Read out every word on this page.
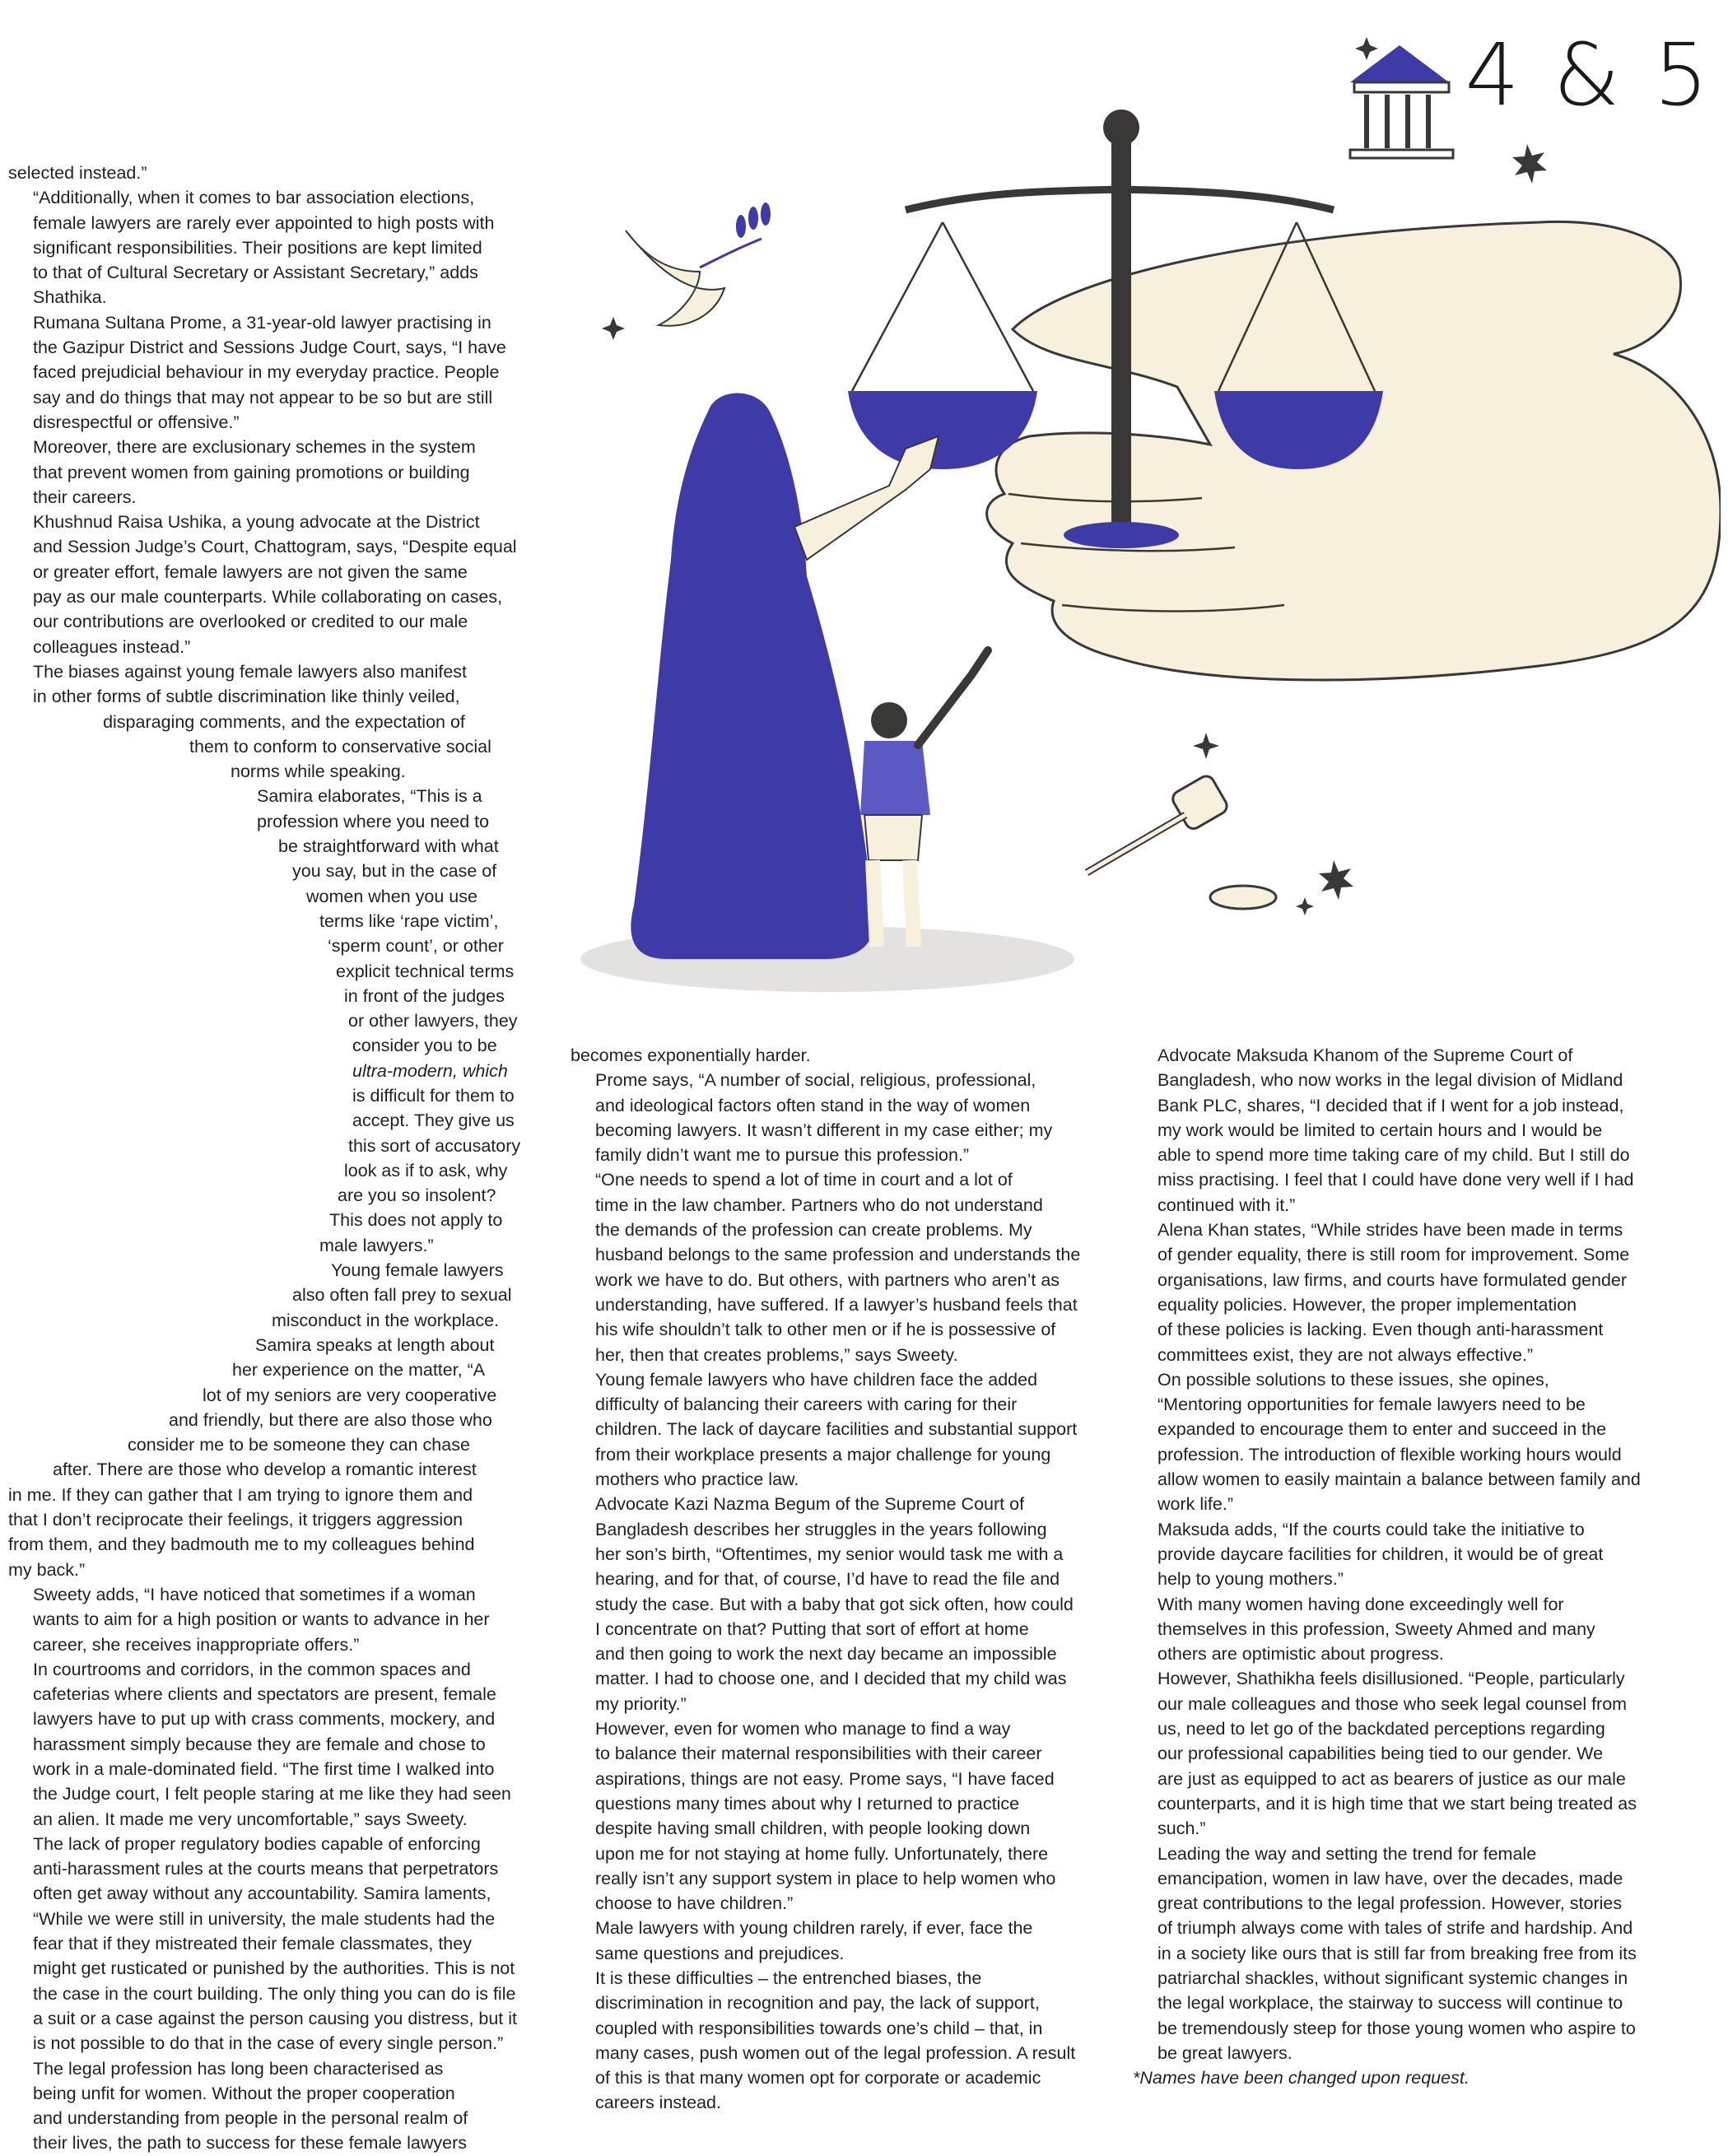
4 & 5

selected instead.”

“Additionally, when it comes to bar association elections,
female lawyers are rarely ever appointed to high posts with
significant responsibilities. Their positions are kept limited
to that of Cultural Secretary or Assistant Secretary,” adds
Shathika.

Rumana Sultana Prome, a 31-year-old lawyer practising in
the Gazipur District and Sessions Judge Court, says, “I have
faced prejudicial behaviour in my everyday practice. People
say and do things that may not appear to be so but are still
disrespectful or offensive.”

Moreover, there are exclusionary schemes in the system
that prevent women from gaining promotions or building
their careers.

Khushnud Raisa Ushika, a young advocate at the District
and Session Judge’s Court, Chattogram, says, “Despite equal
or greater effort, female lawyers are not given the same
pay as our male counterparts. While collaborating on cases,
our contributions are overlooked or credited to our male
colleagues instead.”

The biases against young female lawyers also manifest
in other forms of subtle discrimination like thinly veiled,
disparaging comments, and the expectation of
them to conform to conservative social
norms while speaking.

Samira elaborates, “This is a
profession where you need to
be straightforward with what
you say, but in the case of
women when you use
terms like ‘rape victim’,
‘sperm count’, or other
explicit technical terms
in front of the judges
or other lawyers, they
consider you to be
ultra-modern, which
is difficult for them to
accept. They give us
this sort of accusatory
look as if to ask, why
are you so insolent?
This does not apply to
male lawyers.”

Young female lawyers
also often fall prey to sexual
misconduct in the workplace.
Samira speaks at length about
her experience on the matter, “A
lot of my seniors are very cooperative
and friendly, but there are also those who
consider me to be someone they can chase
after. There are those who develop a romantic interest
in me. If they can gather that I am trying to ignore them and
that I don’t reciprocate their feelings, it triggers aggression
from them, and they badmouth me to my colleagues behind
my back.”

Sweety adds, “I have noticed that sometimes if a woman
wants to aim for a high position or wants to advance in her
career, she receives inappropriate offers.”

In courtrooms and corridors, in the common spaces and
cafeterias where clients and spectators are present, female
lawyers have to put up with crass comments, mockery, and
harassment simply because they are female and chose to
work in a male-dominated field. “The first time I walked into
the Judge court, I felt people staring at me like they had seen
an alien. It made me very uncomfortable,” says Sweety.

The lack of proper regulatory bodies capable of enforcing
anti-harassment rules at the courts means that perpetrators
often get away without any accountability. Samira laments,
“While we were still in university, the male students had the
fear that if they mistreated their female classmates, they
might get rusticated or punished by the authorities. This is not
the case in the court building. The only thing you can do is file
a suit or a case against the person causing you distress, but it
is not possible to do that in the case of every single person.”

The legal profession has long been characterised as
being unfit for women. Without the proper cooperation
and understanding from people in the personal realm of
their lives, the path to success for these female lawyers

becomes exponentially harder.

Prome says, “A number of social, religious, professional,
and ideological factors often stand in the way of women
becoming lawyers. It wasn’t different in my case either; my
family didn’t want me to pursue this profession.”

“One needs to spend a lot of time in court and a lot of
time in the law chamber. Partners who do not understand
the demands of the profession can create problems. My
husband belongs to the same profession and understands the
work we have to do. But others, with partners who aren’t as
understanding, have suffered. If a lawyer’s husband feels that
his wife shouldn’t talk to other men or if he is possessive of
her, then that creates problems,” says Sweety.

Young female lawyers who have children face the added
difficulty of balancing their careers with caring for their
children. The lack of daycare facilities and substantial support
from their workplace presents a major challenge for young
mothers who practice law.

Advocate Kazi Nazma Begum of the Supreme Court of
Bangladesh describes her struggles in the years following
her son’s birth, “Oftentimes, my senior would task me with a
hearing, and for that, of course, I’d have to read the file and
study the case. But with a baby that got sick often, how could
I concentrate on that? Putting that sort of effort at home
and then going to work the next day became an impossible
matter. I had to choose one, and I decided that my child was
my priority.”

However, even for women who manage to find a way
to balance their maternal responsibilities with their career
aspirations, things are not easy. Prome says, “I have faced
questions many times about why I returned to practice
despite having small children, with people looking down
upon me for not staying at home fully. Unfortunately, there
really isn’t any support system in place to help women who
choose to have children.”

Male lawyers with young children rarely, if ever, face the
same questions and prejudices.

It is these difficulties – the entrenched biases, the
discrimination in recognition and pay, the lack of support,
coupled with responsibilities towards one’s child – that, in
many cases, push women out of the legal profession. A result
of this is that many women opt for corporate or academic
careers instead.

Advocate Maksuda Khanom of the Supreme Court of
Bangladesh, who now works in the legal division of Midland
Bank PLC, shares, “I decided that if I went for a job instead,
my work would be limited to certain hours and I would be
able to spend more time taking care of my child. But I still do
miss practising. I feel that I could have done very well if I had
continued with it.”

Alena Khan states, “While strides have been made in terms
of gender equality, there is still room for improvement. Some
organisations, law firms, and courts have formulated gender
equality policies. However, the proper implementation
of these policies is lacking. Even though anti-harassment
committees exist, they are not always effective.”

On possible solutions to these issues, she opines,
“Mentoring opportunities for female lawyers need to be
expanded to encourage them to enter and succeed in the
profession. The introduction of flexible working hours would
allow women to easily maintain a balance between family and
work life.”

Maksuda adds, “If the courts could take the initiative to
provide daycare facilities for children, it would be of great
help to young mothers.”

With many women having done exceedingly well for
themselves in this profession, Sweety Ahmed and many
others are optimistic about progress.

However, Shathikha feels disillusioned. “People, particularly
our male colleagues and those who seek legal counsel from
us, need to let go of the backdated perceptions regarding
our professional capabilities being tied to our gender. We
are just as equipped to act as bearers of justice as our male
counterparts, and it is high time that we start being treated as
such.”

Leading the way and setting the trend for female
emancipation, women in law have, over the decades, made
great contributions to the legal profession. However, stories
of triumph always come with tales of strife and hardship. And
in a society like ours that is still far from breaking free from its
patriarchal shackles, without significant systemic changes in
the legal workplace, the stairway to success will continue to
be tremendously steep for those young women who aspire to
be great lawyers.

*Names have been changed upon request.
